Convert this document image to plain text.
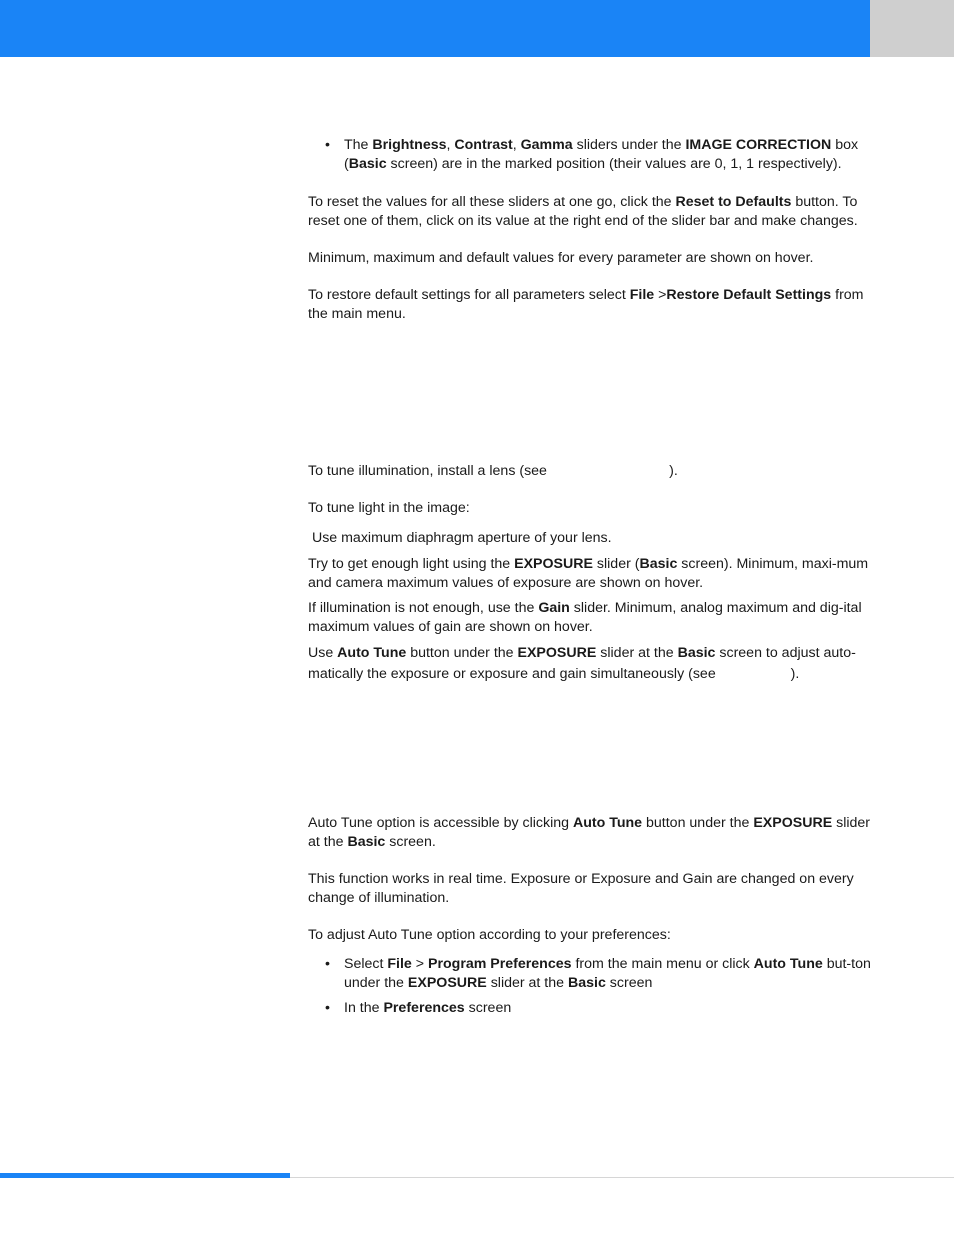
• The Brightness, Contrast, Gamma sliders under the IMAGE CORRECTION box (Basic screen) are in the marked position (their values are 0, 1, 1 respectively).

To reset the values for all these sliders at one go, click the Reset to Defaults button. To reset one of them, click on its value at the right end of the slider bar and make changes.

Minimum, maximum and default values for every parameter are shown on hover.

To restore default settings for all parameters select File >Restore Default Settings from the main menu.

To tune illumination, install a lens (see                               ).

To tune light in the image:

Use maximum diaphragm aperture of your lens.

Try to get enough light using the EXPOSURE slider (Basic screen). Minimum, maxi-mum and camera maximum values of exposure are shown on hover.

If illumination is not enough, use the Gain slider. Minimum, analog maximum and dig-ital maximum values of gain are shown on hover.

Use Auto Tune button under the EXPOSURE slider at the Basic screen to adjust auto-matically the exposure or exposure and gain simultaneously (see                   ).

Auto Tune option is accessible by clicking Auto Tune button under the EXPOSURE slider at the Basic screen.

This function works in real time. Exposure or Exposure and Gain are changed on every change of illumination.

To adjust Auto Tune option according to your preferences:

• Select File > Program Preferences from the main menu or click Auto Tune but-ton under the EXPOSURE slider at the Basic screen
• In the Preferences screen
